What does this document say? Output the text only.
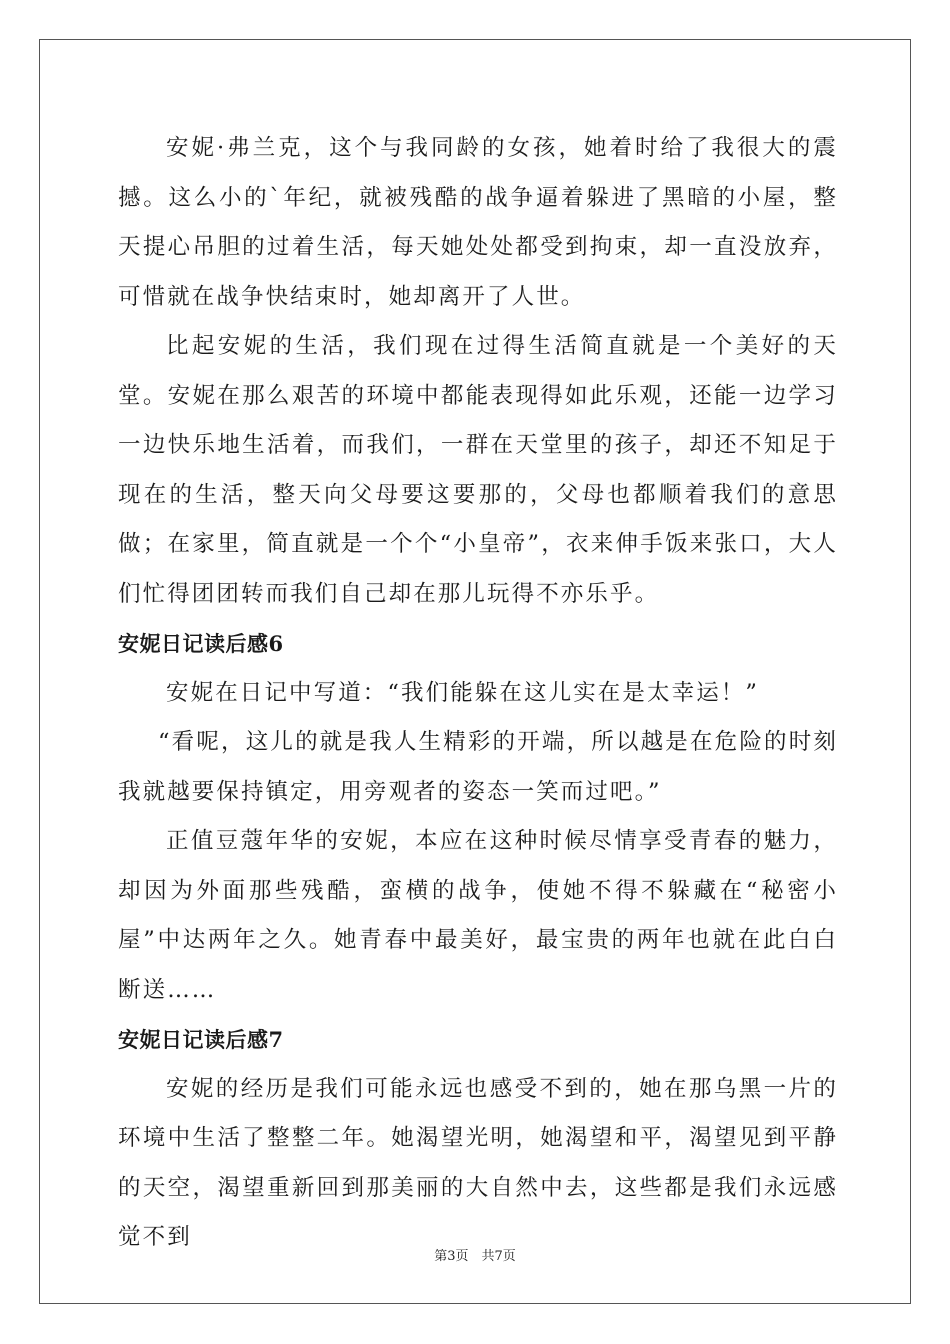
安妮·弗兰克，这个与我同龄的女孩，她着时给了我很大的震撼。这么小的`年纪，就被残酷的战争逼着躲进了黑暗的小屋，整天提心吊胆的过着生活，每天她处处都受到拘束，却一直没放弃，可惜就在战争快结束时，她却离开了人世。

比起安妮的生活，我们现在过得生活简直就是一个美好的天堂。安妮在那么艰苦的环境中都能表现得如此乐观，还能一边学习一边快乐地生活着，而我们，一群在天堂里的孩子，却还不知足于现在的生活，整天向父母要这要那的，父母也都顺着我们的意思做；在家里，简直就是一个个“小皇帝”，衣来伸手饭来张口，大人们忙得团团转而我们自己却在那儿玩得不亦乐乎。

安妮日记读后感6

安妮在日记中写道：“我们能躲在这儿实在是太幸运！”

“看呢，这儿的就是我人生精彩的开端，所以越是在危险的时刻我就越要保持镇定，用旁观者的姿态一笑而过吧。”

正值豆蔻年华的安妮，本应在这种时候尽情享受青春的魅力，却因为外面那些残酷，蛮横的战争，使她不得不躲藏在“秘密小屋”中达两年之久。她青春中最美好，最宝贵的两年也就在此白白断送……

安妮日记读后感7

安妮的经历是我们可能永远也感受不到的，她在那乌黑一片的环境中生活了整整二年。她渴望光明，她渴望和平，渴望见到平静的天空，渴望重新回到那美丽的大自然中去，这些都是我们永远感觉不到

第3页　共7页
